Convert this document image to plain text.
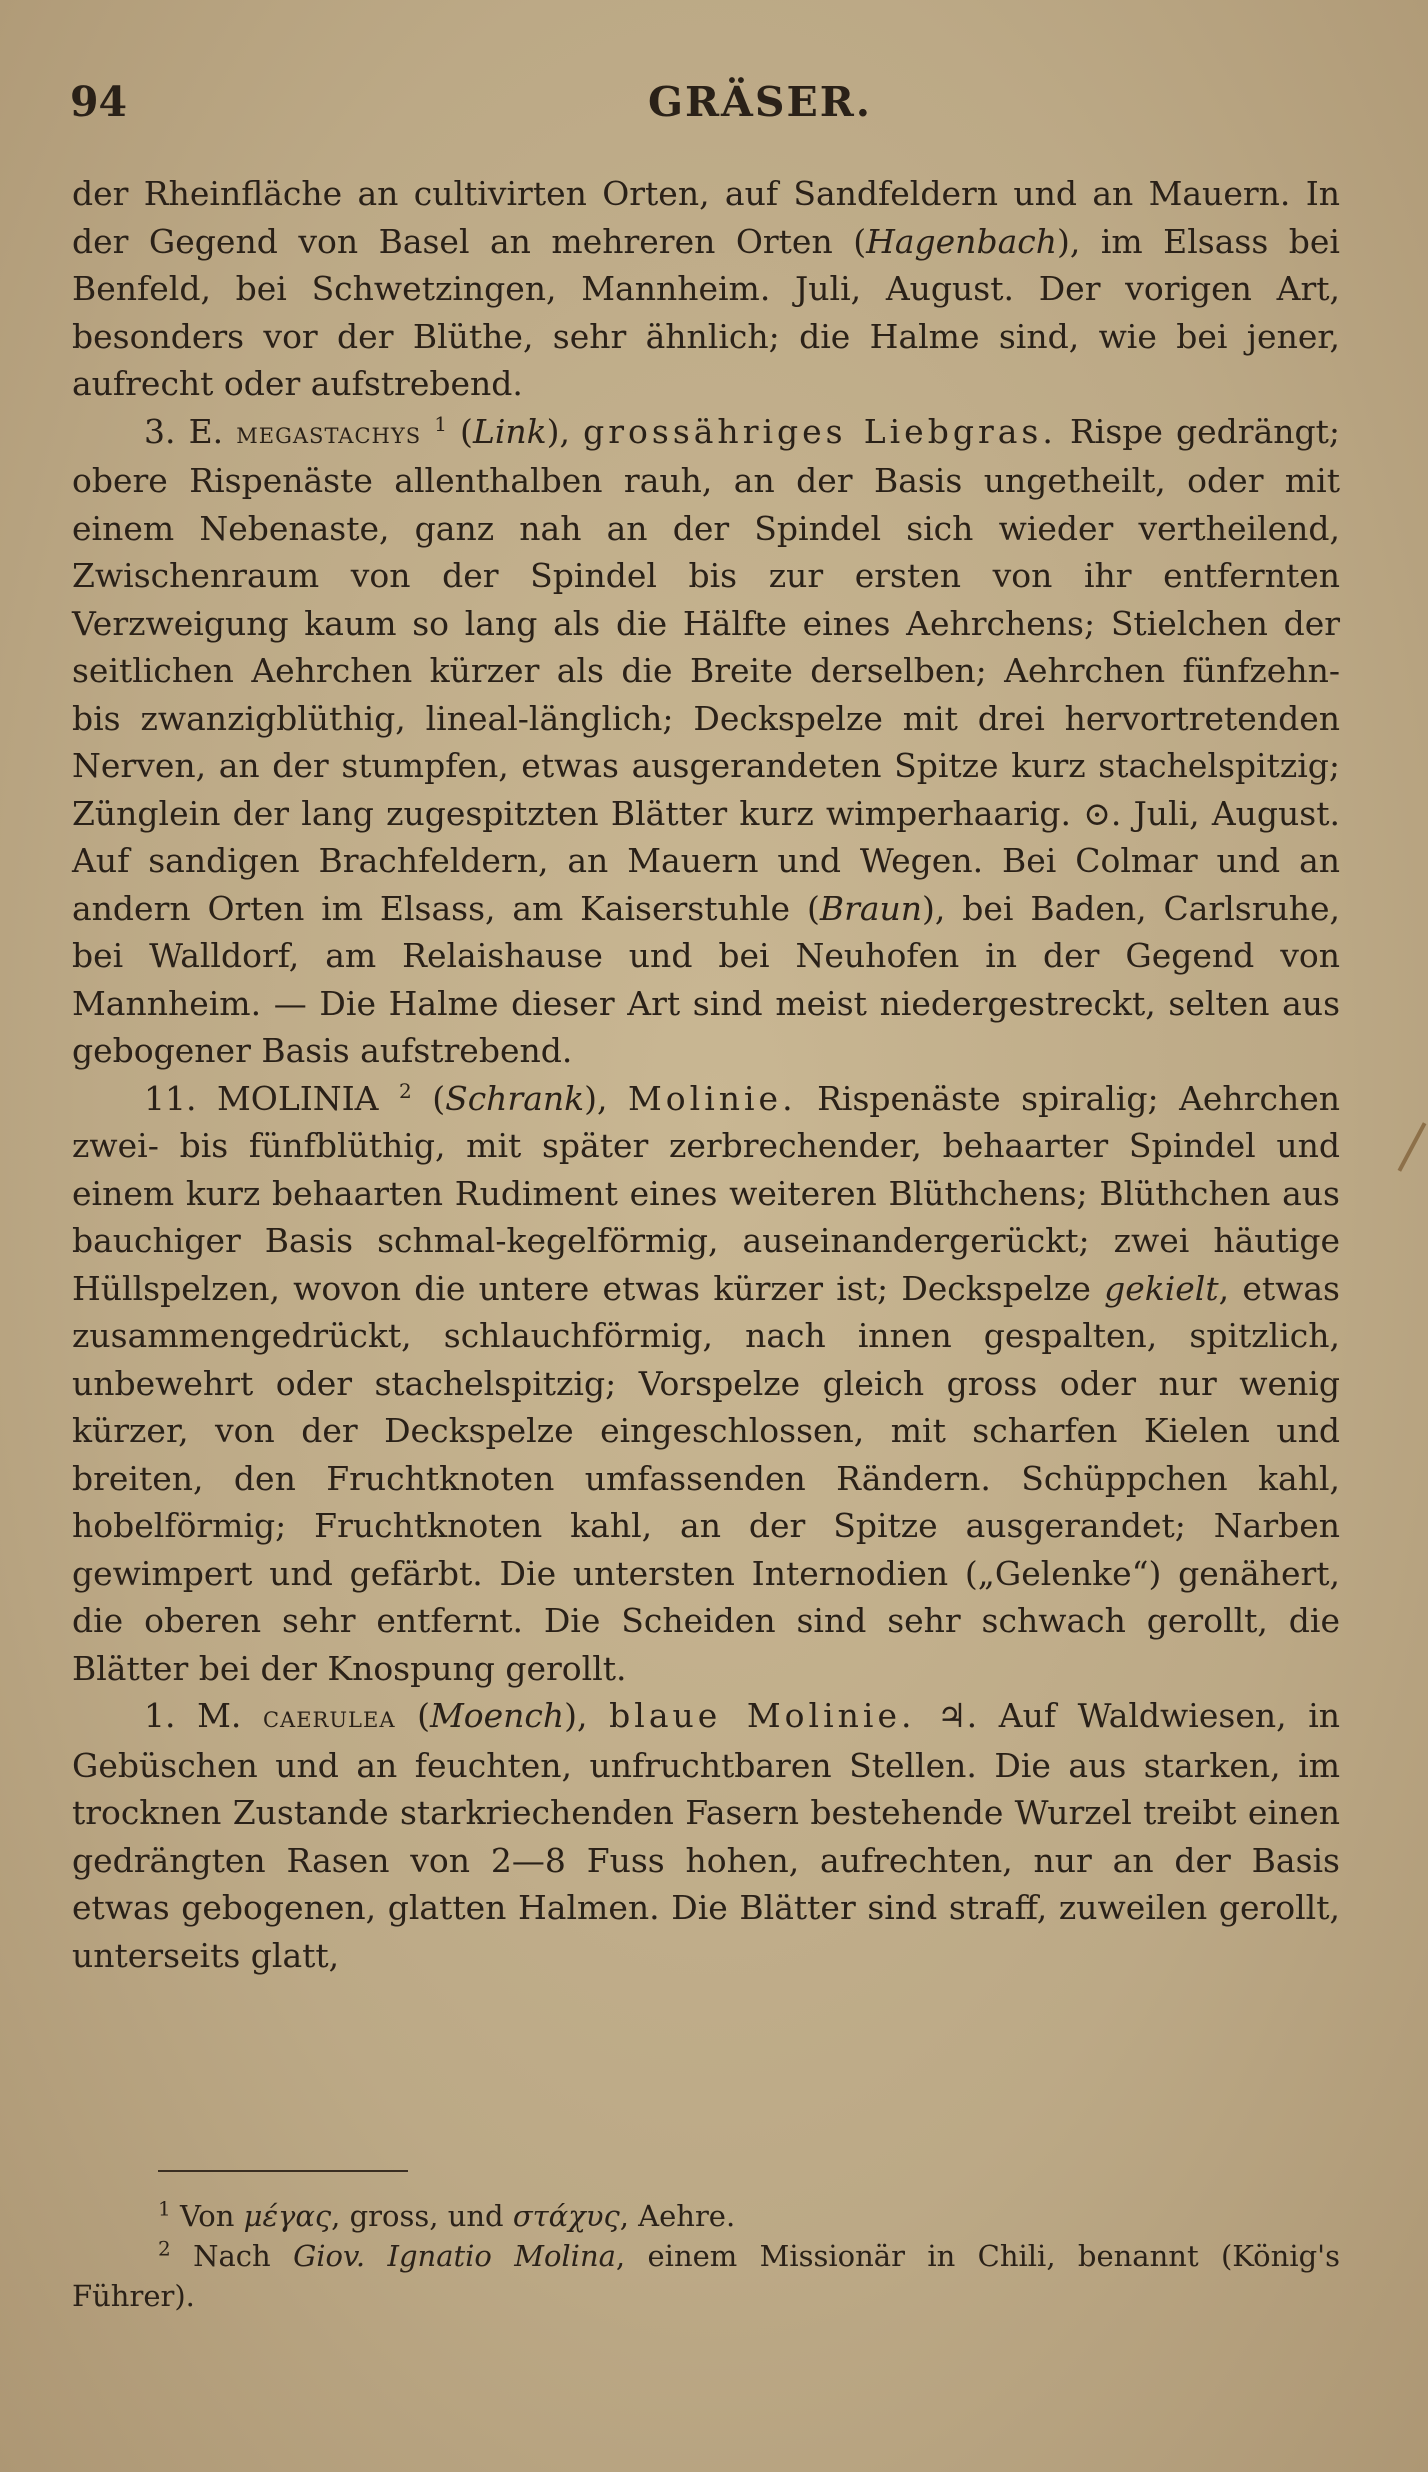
94	GRÄSER.

der Rheinfläche an cultivirten Orten, auf Sandfeldern und an Mauern. In der Gegend von Basel an mehreren Orten (Hagenbach), im Elsass bei Benfeld, bei Schwetzingen, Mannheim. Juli, August. Der vorigen Art, besonders vor der Blüthe, sehr ähnlich; die Halme sind, wie bei jener, aufrecht oder aufstrebend.

3. E. megastachys $^1$ (Link), grossähriges Liebgras. Rispe gedrängt; obere Rispenäste allenthalben rauh, an der Basis ungetheilt, oder mit einem Nebenaste, ganz nah an der Spindel sich wieder vertheilend, Zwischenraum von der Spindel bis zur ersten von ihr entfernten Verzweigung kaum so lang als die Hälfte eines Aehrchens; Stielchen der seitlichen Aehrchen kürzer als die Breite derselben; Aehrchen fünfzehn- bis zwanzigblüthig, lineal-länglich; Deckspelze mit drei hervortretenden Nerven, an der stumpfen, etwas ausgerandeten Spitze kurz stachelspitzig; Zünglein der lang zugespitzten Blätter kurz wimperhaarig. ⊙. Juli, August. Auf sandigen Brachfeldern, an Mauern und Wegen. Bei Colmar und an andern Orten im Elsass, am Kaiserstuhle (Braun), bei Baden, Carlsruhe, bei Walldorf, am Relaishause und bei Neuhofen in der Gegend von Mannheim. — Die Halme dieser Art sind meist niedergestreckt, selten aus gebogener Basis aufstrebend.

11. MOLINIA $^2$ (Schrank), Molinie. Rispenäste spiralig; Aehrchen zwei- bis fünfblüthig, mit später zerbrechender, behaarter Spindel und einem kurz behaarten Rudiment eines weiteren Blüthchens; Blüthchen aus bauchiger Basis schmal-kegelförmig, auseinandergerückt; zwei häutige Hüllspelzen, wovon die untere etwas kürzer ist; Deckspelze gekielt, etwas zusammengedrückt, schlauchförmig, nach innen gespalten, spitzlich, unbewehrt oder stachelspitzig; Vorspelze gleich gross oder nur wenig kürzer, von der Deckspelze eingeschlossen, mit scharfen Kielen und breiten, den Fruchtknoten umfassenden Rändern. Schüppchen kahl, hobelförmig; Fruchtknoten kahl, an der Spitze ausgerandet; Narben gewimpert und gefärbt. Die untersten Internodien („Gelenke“) genähert, die oberen sehr entfernt. Die Scheiden sind sehr schwach gerollt, die Blätter bei der Knospung gerollt.

1. M. caerulea (Moench), blaue Molinie. ♃. Auf Waldwiesen, in Gebüschen und an feuchten, unfruchtbaren Stellen. Die aus starken, im trocknen Zustande starkriechenden Fasern bestehende Wurzel treibt einen gedrängten Rasen von 2—8 Fuss hohen, aufrechten, nur an der Basis etwas gebogenen, glatten Halmen. Die Blätter sind straff, zuweilen gerollt, unterseits glatt,

$^1$ Von μέγας, gross, und στάχυς, Aehre.

$^2$ Nach Giov. Ignatio Molina, einem Missionär in Chili, benannt (König's Führer).
